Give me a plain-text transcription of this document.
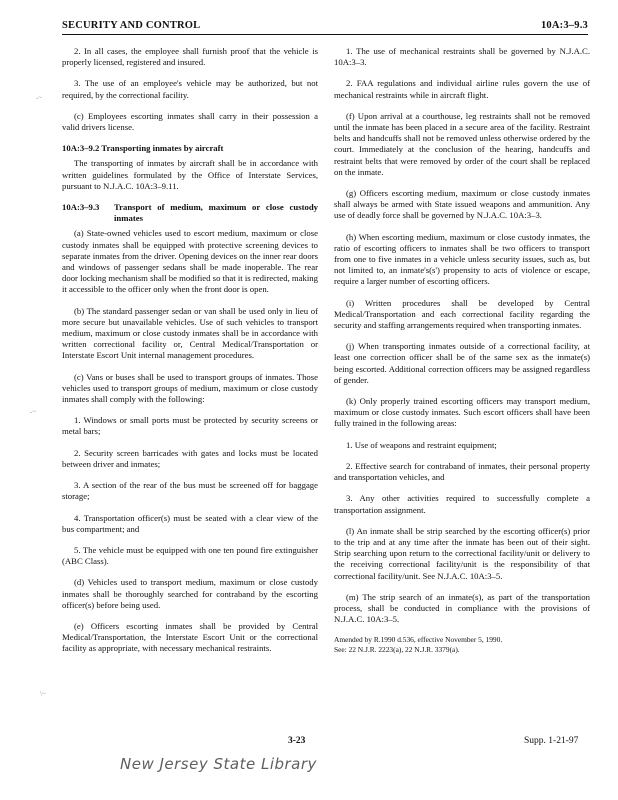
SECURITY AND CONTROL	10A:3–9.3

2. In all cases, the employee shall furnish proof that the vehicle is properly licensed, registered and insured.

3. The use of an employee's vehicle may be authorized, but not required, by the correctional facility.

(c) Employees escorting inmates shall carry in their possession a valid drivers license.

10A:3–9.2 Transporting inmates by aircraft

The transporting of inmates by aircraft shall be in accordance with written guidelines formulated by the Office of Interstate Services, pursuant to N.J.A.C. 10A:3–9.11.

10A:3–9.3 Transport of medium, maximum or close custody inmates

(a) State-owned vehicles used to escort medium, maximum or close custody inmates shall be equipped with protective screening devices to separate inmates from the driver. Opening devices on the inner rear doors and windows of passenger sedans shall be made inoperable. The rear door locking mechanism shall be modified so that it is redirected, making it accessible to the officer only when the front door is open.

(b) The standard passenger sedan or van shall be used only in lieu of more secure but unavailable vehicles. Use of such vehicles to transport medium, maximum or close custody inmates shall be in accordance with written correctional facility or, Central Medical/Transportation or Interstate Escort Unit internal management procedures.

(c) Vans or buses shall be used to transport groups of inmates. Those vehicles used to transport groups of medium, maximum or close custody inmates shall comply with the following:

1. Windows or small ports must be protected by security screens or metal bars;

2. Security screen barricades with gates and locks must be located between driver and inmates;

3. A section of the rear of the bus must be screened off for baggage storage;

4. Transportation officer(s) must be seated with a clear view of the bus compartment; and

5. The vehicle must be equipped with one ten pound fire extinguisher (ABC Class).

(d) Vehicles used to transport medium, maximum or close custody inmates shall be thoroughly searched for contraband by the escorting officer(s) before being used.

(e) Officers escorting inmates shall be provided by Central Medical/Transportation, the Interstate Escort Unit or the correctional facility as appropriate, with necessary mechanical restraints.

1. The use of mechanical restraints shall be governed by N.J.A.C. 10A:3–3.

2. FAA regulations and individual airline rules govern the use of mechanical restraints while in aircraft flight.

(f) Upon arrival at a courthouse, leg restraints shall not be removed until the inmate has been placed in a secure area of the facility. Restraint belts and handcuffs shall not be removed unless otherwise ordered by the court. Immediately at the conclusion of the hearing, handcuffs and restraint belts that were removed by order of the court shall be replaced on the inmate.

(g) Officers escorting medium, maximum or close custody inmates shall always be armed with State issued weapons and ammunition. Any use of deadly force shall be governed by N.J.A.C. 10A:3–3.

(h) When escorting medium, maximum or close custody inmates, the ratio of escorting officers to inmates shall be two officers to transport from one to five inmates in a vehicle unless security issues, such as, but not limited to, an inmate's(s') propensity to acts of violence or escape, require a larger number of escorting officers.

(i) Written procedures shall be developed by Central Medical/Transportation and each correctional facility regarding the security and staffing arrangements required when transporting inmates.

(j) When transporting inmates outside of a correctional facility, at least one correction officer shall be of the same sex as the inmate(s) being escorted. Additional correction officers may be assigned regardless of gender.

(k) Only properly trained escorting officers may transport medium, maximum or close custody inmates. Such escort officers shall have been fully trained in the following areas:

1. Use of weapons and restraint equipment;

2. Effective search for contraband of inmates, their personal property and transportation vehicles, and

3. Any other activities required to successfully complete a transportation assignment.

(l) An inmate shall be strip searched by the escorting officer(s) prior to the trip and at any time after the inmate has been out of their sight. Strip searching upon return to the correctional facility/unit or delivery to the receiving correctional facility/unit is the responsibility of that correctional facility/unit. See N.J.A.C. 10A:3–5.

(m) The strip search of an inmate(s), as part of the transportation process, shall be conducted in compliance with the provisions of N.J.A.C. 10A:3–5.

Amended by R.1990 d.536, effective November 5, 1990.
See: 22 N.J.R. 2223(a), 22 N.J.R. 3379(a).

-~
-~
\~
3-23	Supp. 1-21-97
New Jersey State Library
